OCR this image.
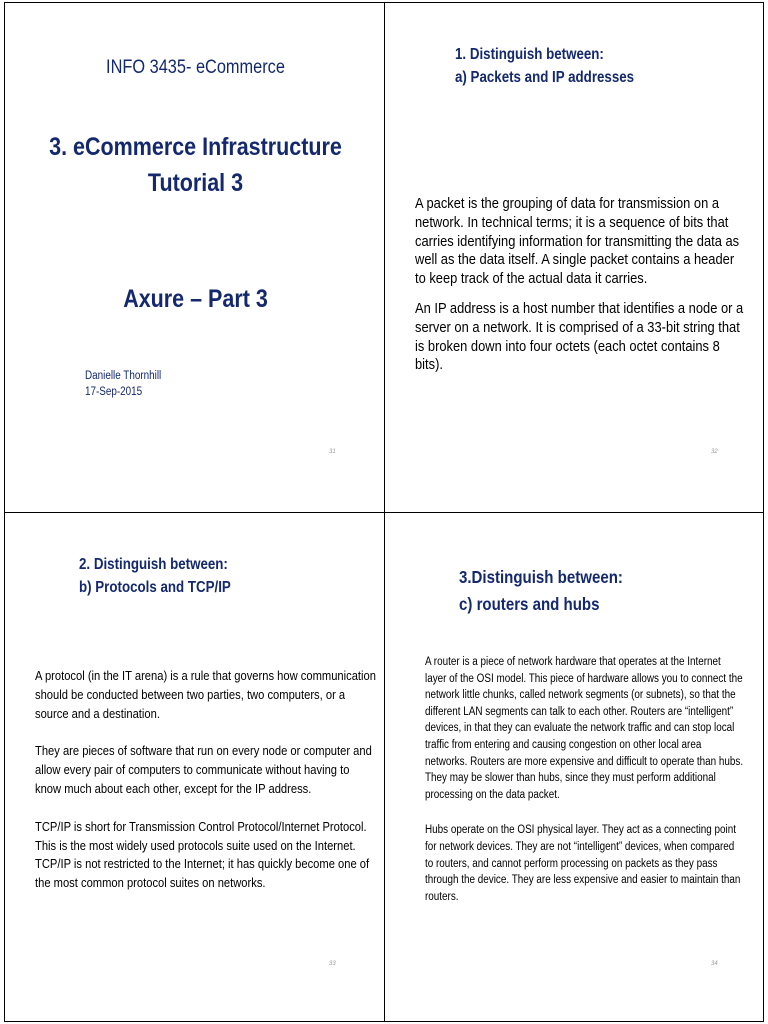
INFO 3435- eCommerce
3. eCommerce Infrastructure
Tutorial 3
Axure – Part 3
Danielle Thornhill
17-Sep-2015
31
1. Distinguish between:
a) Packets and IP addresses

A packet is the grouping of data for transmission on a network. In technical terms; it is a sequence of bits that carries identifying information for transmitting the data as well as the data itself. A single packet contains a header to keep track of the actual data it carries.

An IP address is a host number that identifies a node or a server on a network. It is comprised of a 33-bit string that is broken down into four octets (each octet contains 8 bits).

32
2. Distinguish between:
b) Protocols and TCP/IP

A protocol (in the IT arena) is a rule that governs how communication should be conducted between two parties, two computers, or a source and a destination.

They are pieces of software that run on every node or computer and allow every pair of computers to communicate without having to know much about each other, except for the IP address.

TCP/IP is short for Transmission Control Protocol/Internet Protocol. This is the most widely used protocols suite used on the Internet. TCP/IP is not restricted to the Internet; it has quickly become one of the most common protocol suites on networks.

33
3.Distinguish between:
c) routers and hubs

A router is a piece of network hardware that operates at the Internet layer of the OSI model. This piece of hardware allows you to connect the network little chunks, called network segments (or subnets), so that the different LAN segments can talk to each other. Routers are “intelligent” devices, in that they can evaluate the network traffic and can stop local traffic from entering and causing congestion on other local area networks. Routers are more expensive and difficult to operate than hubs. They may be slower than hubs, since they must perform additional processing on the data packet.

Hubs operate on the OSI physical layer. They act as a connecting point for network devices. They are not “intelligent” devices, when compared to routers, and cannot perform processing on packets as they pass through the device. They are less expensive and easier to maintain than routers.

34
